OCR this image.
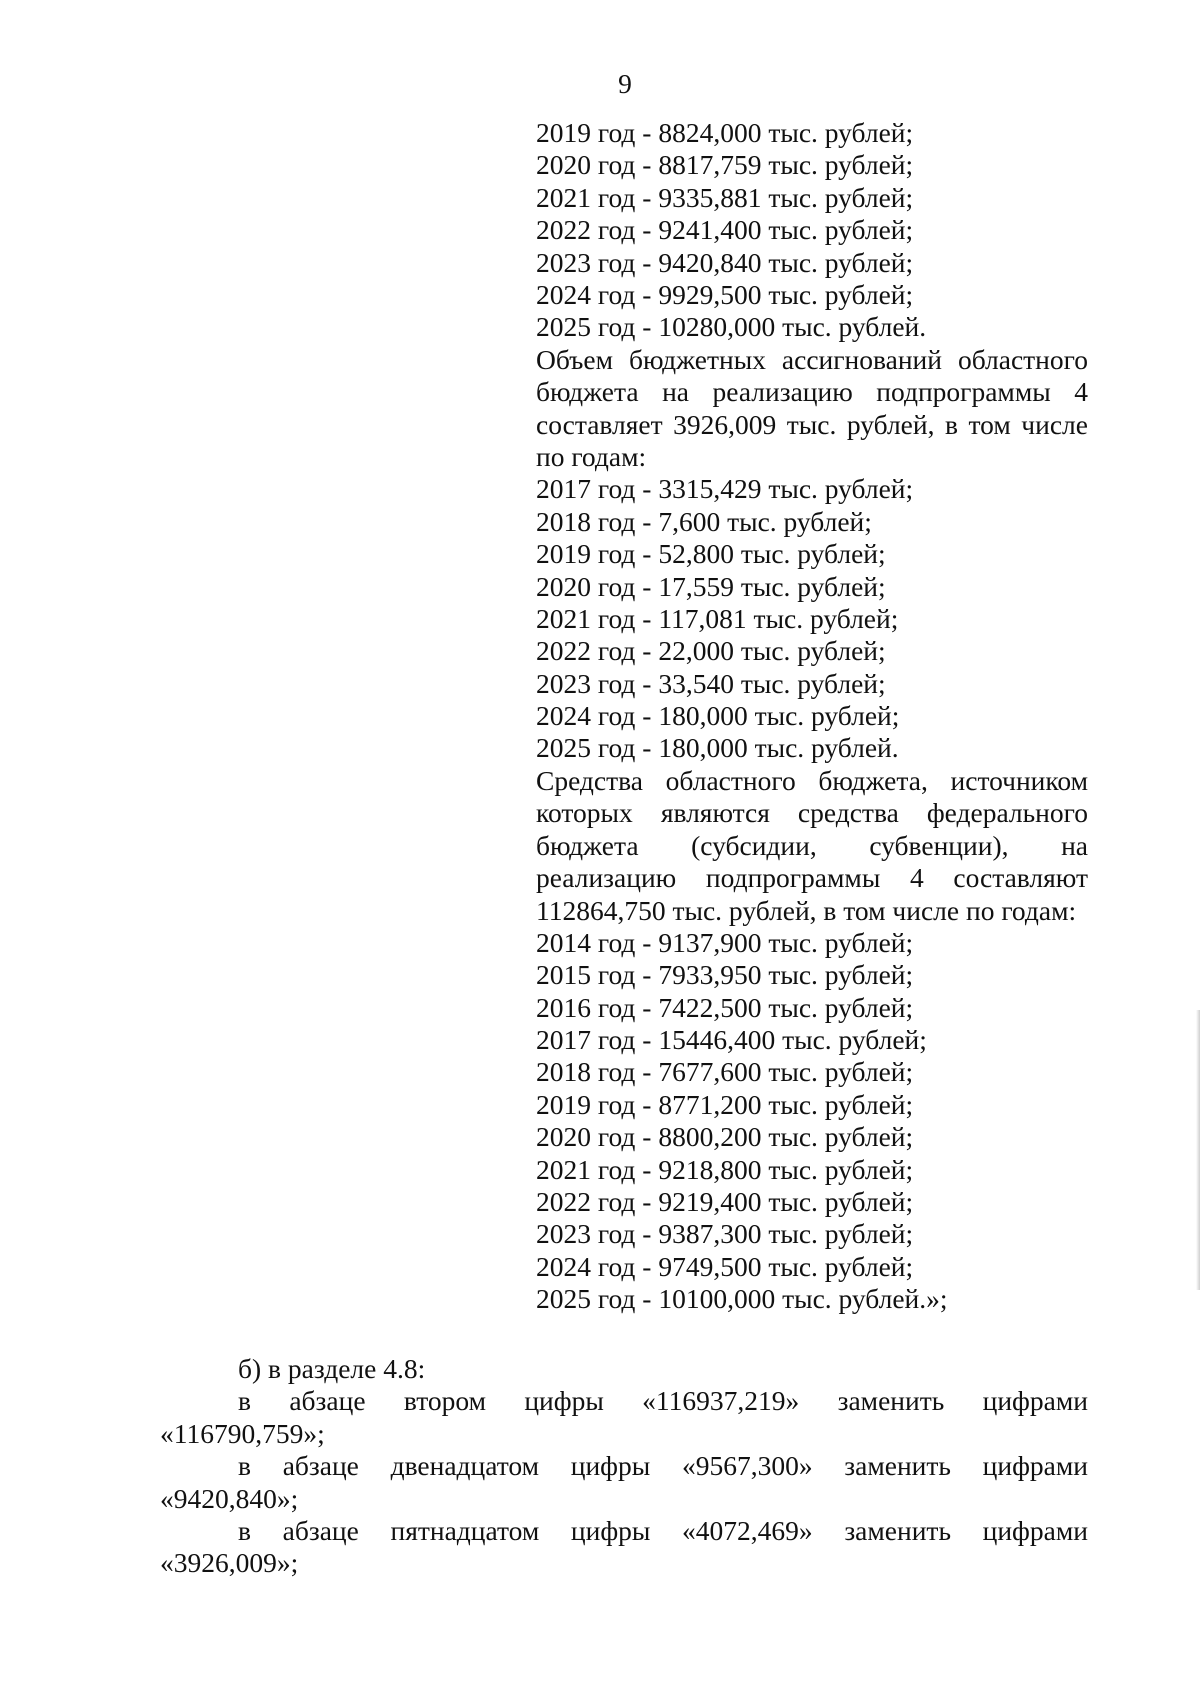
9
2019 год - 8824,000 тыс. рублей;
2020 год - 8817,759 тыс. рублей;
2021 год - 9335,881 тыс. рублей;
2022 год - 9241,400 тыс. рублей;
2023 год - 9420,840 тыс. рублей;
2024 год - 9929,500 тыс. рублей;
2025 год - 10280,000 тыс. рублей.
Объем бюджетных ассигнований областного бюджета на реализацию подпрограммы 4 составляет 3926,009 тыс. рублей, в том числе по годам:
2017 год - 3315,429 тыс. рублей;
2018 год - 7,600 тыс. рублей;
2019 год - 52,800 тыс. рублей;
2020 год - 17,559 тыс. рублей;
2021 год - 117,081 тыс. рублей;
2022 год - 22,000 тыс. рублей;
2023 год - 33,540 тыс. рублей;
2024 год - 180,000 тыс. рублей;
2025 год - 180,000 тыс. рублей.
Средства областного бюджета, источником которых являются средства федерального бюджета (субсидии, субвенции), на реализацию подпрограммы 4 составляют 112864,750 тыс. рублей, в том числе по годам:
2014 год - 9137,900 тыс. рублей;
2015 год - 7933,950 тыс. рублей;
2016 год - 7422,500 тыс. рублей;
2017 год - 15446,400 тыс. рублей;
2018 год - 7677,600 тыс. рублей;
2019 год - 8771,200 тыс. рублей;
2020 год - 8800,200 тыс. рублей;
2021 год - 9218,800 тыс. рублей;
2022 год - 9219,400 тыс. рублей;
2023 год - 9387,300 тыс. рублей;
2024 год - 9749,500 тыс. рублей;
2025 год - 10100,000 тыс. рублей.»;
б) в разделе 4.8:
в абзаце втором цифры «116937,219» заменить цифрами
«116790,759»;
в абзаце двенадцатом цифры «9567,300» заменить цифрами
«9420,840»;
в абзаце пятнадцатом цифры «4072,469» заменить цифрами
«3926,009»;
